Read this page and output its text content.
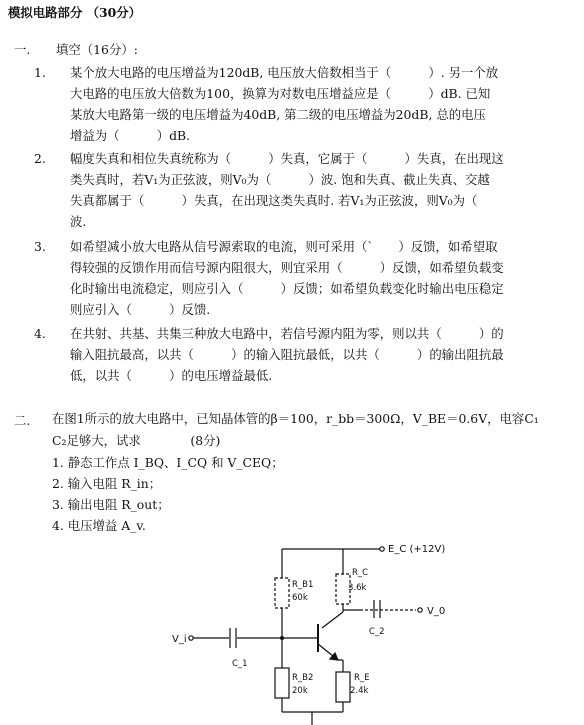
模拟电路部分 （30分）
一. 填空（16分）:
1. 某个放大电路的电压增益为120dB, 电压放大倍数相当于（　　　）. 另一个放
大电路的电压放大倍数为100，换算为对数电压增益应是（　　　）dB. 已知
某放大电路第一级的电压增益为40dB, 第二级的电压增益为20dB, 总的电压
增益为（　　　）dB.
2. 幅度失真和相位失真统称为（　　　）失真，它属于（　　　）失真，在出现这
类失真时，若V₁为正弦波，则V₀为（　　　）波. 饱和失真、截止失真、交越
失真都属于（　　　）失真，在出现这类失真时. 若V₁为正弦波，则V₀为（
波.
3. 如希望减小放大电路从信号源索取的电流，则可采用（`　　）反馈，如希望取
得较强的反馈作用而信号源内阻很大，则宜采用（　　　）反馈，如希望负载变
化时输出电流稳定，则应引入（　　　）反馈；如希望负载变化时输出电压稳定
则应引入（　　　）反馈.
4. 在共射、共基、共集三种放大电路中，若信号源内阻为零，则以共（　　　）的
输入阻抗最高，以共（　　　）的输入阻抗最低，以共（　　　）的输出阻抗最
低，以共（　　　）的电压增益最低.
二. 在图1所示的放大电路中，已知晶体管的β＝100，r_bb＝300Ω，V_BE＝0.6V，电容C₁
C₂足够大，试求　　　　(8分)
1. 静态工作点 I_BQ、I_CQ 和 V_CEQ；
2. 输入电阻 R_in；
3. 输出电阻 R_out；
4. 电压增益 A_v.
E_C (+12V)
R_B1
60k
R_C
3.6k
V_0
C_2
V_i
C_1
R_B2
20k
R_E
2.4k
